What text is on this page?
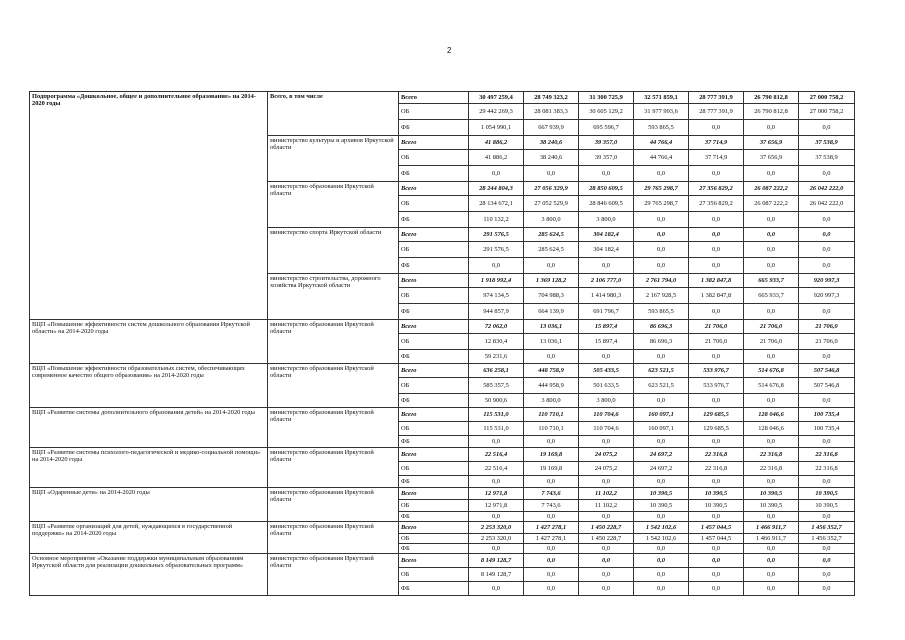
2
Подпрограмма «Дошкольное, общее и дополнительное образование» на 2014-2020 годы	Всего, в том числе	Всего	30 497 259,4	28 749 323,2	31 300 725,9	32 571 859,1	28 777 391,9	26 790 812,8	27 000 758,2
		ОБ	29 442 269,3	28 081 383,3	30 605 129,2	31 977 993,6	28 777 391,9	26 790 812,8	27 000 758,2
		ФБ	1 054 990,1	667 939,9	695 596,7	593 865,5	0,0	0,0	0,0
	министерство культуры и архивов Иркутской области	Всего	41 886,2	38 240,6	39 357,0	44 766,4	37 714,9	37 656,9	37 538,9
		ОБ	41 886,2	38 240,6	39 357,0	44 766,4	37 714,9	37 656,9	37 538,9
		ФБ	0,0	0,0	0,0	0,0	0,0	0,0	0,0
	министерство образования Иркутской области	Всего	28 244 804,3	27 056 329,9	28 850 609,5	29 765 298,7	27 356 829,2	26 087 222,2	26 042 222,0
		ОБ	28 134 672,1	27 052 529,9	28 846 609,5	29 765 298,7	27 356 829,2	26 087 222,2	26 042 222,0
		ФБ	110 132,2	3 800,0	3 800,0	0,0	0,0	0,0	0,0
	министерство спорта Иркутской области	Всего	291 576,5	285 624,5	304 182,4	0,0	0,0	0,0	0,0
		ОБ	291 576,5	285 624,5	304 182,4	0,0	0,0	0,0	0,0
		ФБ	0,0	0,0	0,0	0,0	0,0	0,0	0,0
	министерство строительства, дорожного хозяйства Иркутской области	Всего	1 918 992,4	1 369 128,2	2 106 777,0	2 761 794,0	1 382 847,8	665 933,7	920 997,3
		ОБ	974 134,5	704 988,3	1 414 980,3	2 167 928,5	1 382 847,8	665 933,7	920 997,3
		ФБ	944 857,9	664 139,9	691 796,7	593 865,5	0,0	0,0	0,0
ВЦП «Повышение эффективности систем дошкольного образования Иркутской области» на 2014-2020 годы	министерство образования Иркутской области	Всего	72 062,0	13 036,1	15 897,4	86 696,3	21 706,0	21 706,0	21 706,0
		ОБ	12 830,4	13 036,1	15 897,4	86 696,3	21 706,0	21 706,0	21 706,0
		ФБ	59 231,6	0,0	0,0	0,0	0,0	0,0	0,0
ВЦП «Повышение эффективности образовательных систем, обеспечивающих современное качество общего образования» на 2014-2020 годы	министерство образования Иркутской области	Всего	636 258,1	448 758,9	505 433,5	623 521,5	533 976,7	514 676,8	507 546,8
		ОБ	585 357,5	444 958,9	501 633,5	623 521,5	533 976,7	514 676,8	507 546,8
		ФБ	50 900,6	3 800,0	3 800,0	0,0	0,0	0,0	0,0
ВЦП «Развитие системы дополнительного образования детей» на 2014-2020 годы	министерство образования Иркутской области	Всего	115 531,0	110 710,1	110 704,6	160 097,1	129 685,5	128 046,6	100 735,4
		ОБ	115 531,0	110 710,1	110 704,6	160 097,1	129 685,5	128 046,6	100 735,4
		ФБ	0,0	0,0	0,0	0,0	0,0	0,0	0,0
ВЦП «Развитие системы психолого-педагогической и медико-социальной помощи» на 2014-2020 годы	министерство образования Иркутской области	Всего	22 516,4	19 169,8	24 075,2	24 697,2	22 316,8	22 316,8	22 316,8
		ОБ	22 516,4	19 169,8	24 075,2	24 697,2	22 316,8	22 316,8	22 316,8
		ФБ	0,0	0,0	0,0	0,0	0,0	0,0	0,0
ВЦП «Одаренные дети» на 2014-2020 годы	министерство образования Иркутской области	Всего	12 971,8	7 743,6	11 102,2	10 390,5	10 390,5	10 390,5	10 390,5
		ОБ	12 971,8	7 743,6	11 102,2	10 390,5	10 390,5	10 390,5	10 390,5
		ФБ	0,0	0,0	0,0	0,0	0,0	0,0	0,0
ВЦП «Развитие организаций для детей, нуждающихся в государственной поддержке» на 2014-2020 годы	министерство образования Иркутской области	Всего	2 253 320,0	1 427 278,1	1 450 228,7	1 542 102,6	1 457 044,5	1 466 911,7	1 456 352,7
		ОБ	2 253 320,0	1 427 278,1	1 450 228,7	1 542 102,6	1 457 044,5	1 466 911,7	1 456 352,7
		ФБ	0,0	0,0	0,0	0,0	0,0	0,0	0,0
Основное мероприятие «Оказание поддержки муниципальным образованиям Иркутской области для реализации дошкольных образовательных программ»	министерство образования Иркутской области	Всего	8 149 128,7	0,0	0,0	0,0	0,0	0,0	0,0
		ОБ	8 149 128,7	0,0	0,0	0,0	0,0	0,0	0,0
		ФБ	0,0	0,0	0,0	0,0	0,0	0,0	0,0
